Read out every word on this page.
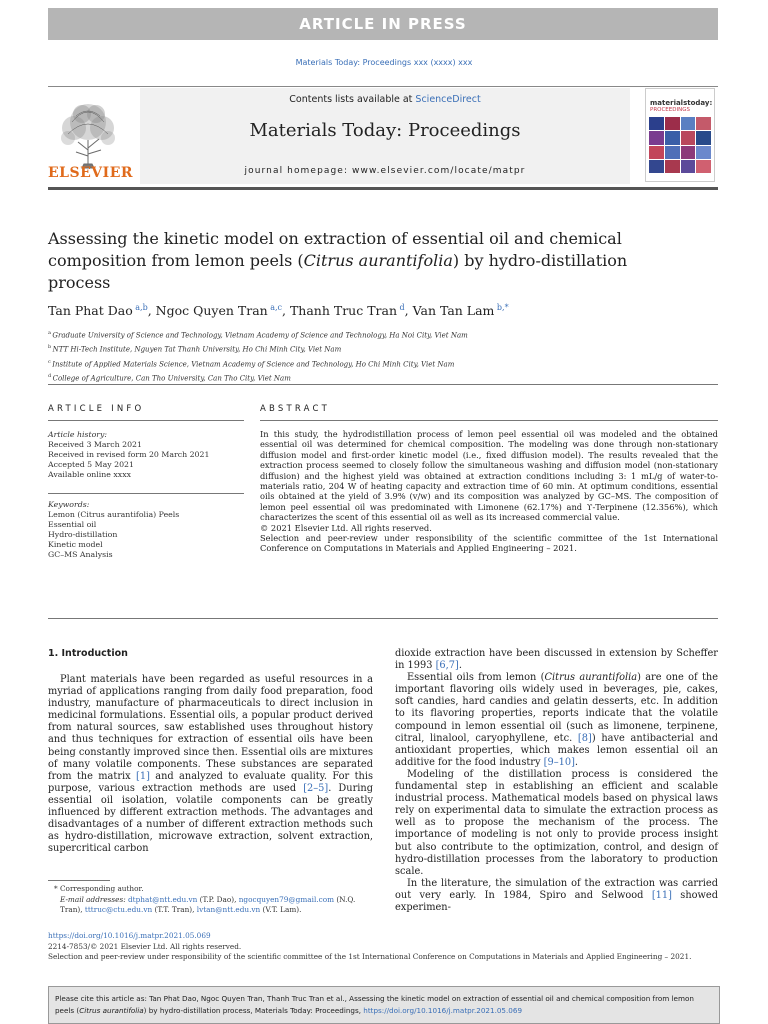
ARTICLE IN PRESS
Materials Today: Proceedings xxx (xxxx) xxx
ELSEVIER
Contents lists available at ScienceDirect
Materials Today: Proceedings
journal homepage: www.elsevier.com/locate/matpr
materialstoday:
PROCEEDINGS
Assessing the kinetic model on extraction of essential oil and chemical composition from lemon peels (Citrus aurantifolia) by hydro-distillation process
Tan Phat Dao  $^{a,b}$, Ngoc Quyen Tran  $^{a,c}$, Thanh Truc Tran  $^d$, Van Tan Lam  $^{b,*}$
$^a$ Graduate University of Science and Technology, Vietnam Academy of Science and Technology, Ha Noi City, Viet Nam
$^b$ NTT Hi-Tech Institute, Nguyen Tat Thanh University, Ho Chi Minh City, Viet Nam
$^c$ Institute of Applied Materials Science, Vietnam Academy of Science and Technology, Ho Chi Minh City, Viet Nam
$^d$ College of Agriculture, Can Tho University, Can Tho City, Viet Nam
ARTICLE INFO
Article history:
Received 3 March 2021
Received in revised form 20 March 2021
Accepted 5 May 2021
Available online xxxx
Keywords:
Lemon (Citrus aurantifolia) Peels
Essential oil
Hydro-distillation
Kinetic model
GC–MS Analysis
ABSTRACT
In this study, the hydrodistillation process of lemon peel essential oil was modeled and the obtained essential oil was determined for chemical composition. The modeling was done through non-stationary diffusion model and first-order kinetic model (i.e., fixed diffusion model). The results revealed that the extraction process seemed to closely follow the simultaneous washing and diffusion model (non-stationary diffusion) and the highest yield was obtained at extraction conditions including 3: 1 mL/g of water-to-materials ratio, 204 W of heating capacity and extraction time of 60 min. At optimum conditions, essential oils obtained at the yield of 3.9% (v/w) and its composition was analyzed by GC–MS. The composition of lemon peel essential oil was predominated with Limonene (62.17%) and ϒ-Terpinene (12.356%), which characterizes the scent of this essential oil as well as its increased commercial value.
© 2021 Elsevier Ltd. All rights reserved.
Selection and peer-review under responsibility of the scientific committee of the 1st International Conference on Computations in Materials and Applied Engineering – 2021.
1. Introduction

Plant materials have been regarded as useful resources in a myriad of applications ranging from daily food preparation, food industry, manufacture of pharmaceuticals to direct inclusion in medicinal formulations. Essential oils, a popular product derived from natural sources, saw established uses throughout history and thus techniques for extraction of essential oils have been being constantly improved since then. Essential oils are mixtures of many volatile components. These substances are separated from the matrix [1] and analyzed to evaluate quality. For this purpose, various extraction methods are used [2–5]. During essential oil isolation, volatile components can be greatly influenced by different extraction methods. The advantages and disadvantages of a number of different extraction methods such as hydro-distillation, microwave extraction, solvent extraction, supercritical carbon

dioxide extraction have been discussed in extension by Scheffer in 1993 [6,7].

Essential oils from lemon (Citrus aurantifolia) are one of the important flavoring oils widely used in beverages, pie, cakes, soft candies, hard candies and gelatin desserts, etc. In addition to its flavoring properties, reports indicate that the volatile compound in lemon essential oil (such as limonene, terpinene, citral, linalool, caryophyllene, etc. [8]) have antibacterial and antioxidant properties, which makes lemon essential oil an additive for the food industry [9–10].

Modeling of the distillation process is considered the fundamental step in establishing an efficient and scalable industrial process. Mathematical models based on physical laws rely on experimental data to simulate the extraction process as well as to propose the mechanism of the process. The importance of modeling is not only to provide process insight but also contribute to the optimization, control, and design of hydro-distillation processes from the laboratory to production scale.

In the literature, the simulation of the extraction was carried out very early. In 1984, Spiro and Selwood [11] showed experimen-

* Corresponding author.
E-mail addresses: dtphat@ntt.edu.vn (T.P. Dao), ngocquyen79@gmail.com (N.Q. Tran), tttruc@ctu.edu.vn (T.T. Tran), lvtan@ntt.edu.vn (V.T. Lam).
https://doi.org/10.1016/j.matpr.2021.05.069
2214-7853/© 2021 Elsevier Ltd. All rights reserved.
Selection and peer-review under responsibility of the scientific committee of the 1st International Conference on Computations in Materials and Applied Engineering – 2021.
Please cite this article as: Tan Phat Dao, Ngoc Quyen Tran, Thanh Truc Tran et al., Assessing the kinetic model on extraction of essential oil and chemical composition from lemon peels (Citrus aurantifolia) by hydro-distillation process, Materials Today: Proceedings, https://doi.org/10.1016/j.matpr.2021.05.069
